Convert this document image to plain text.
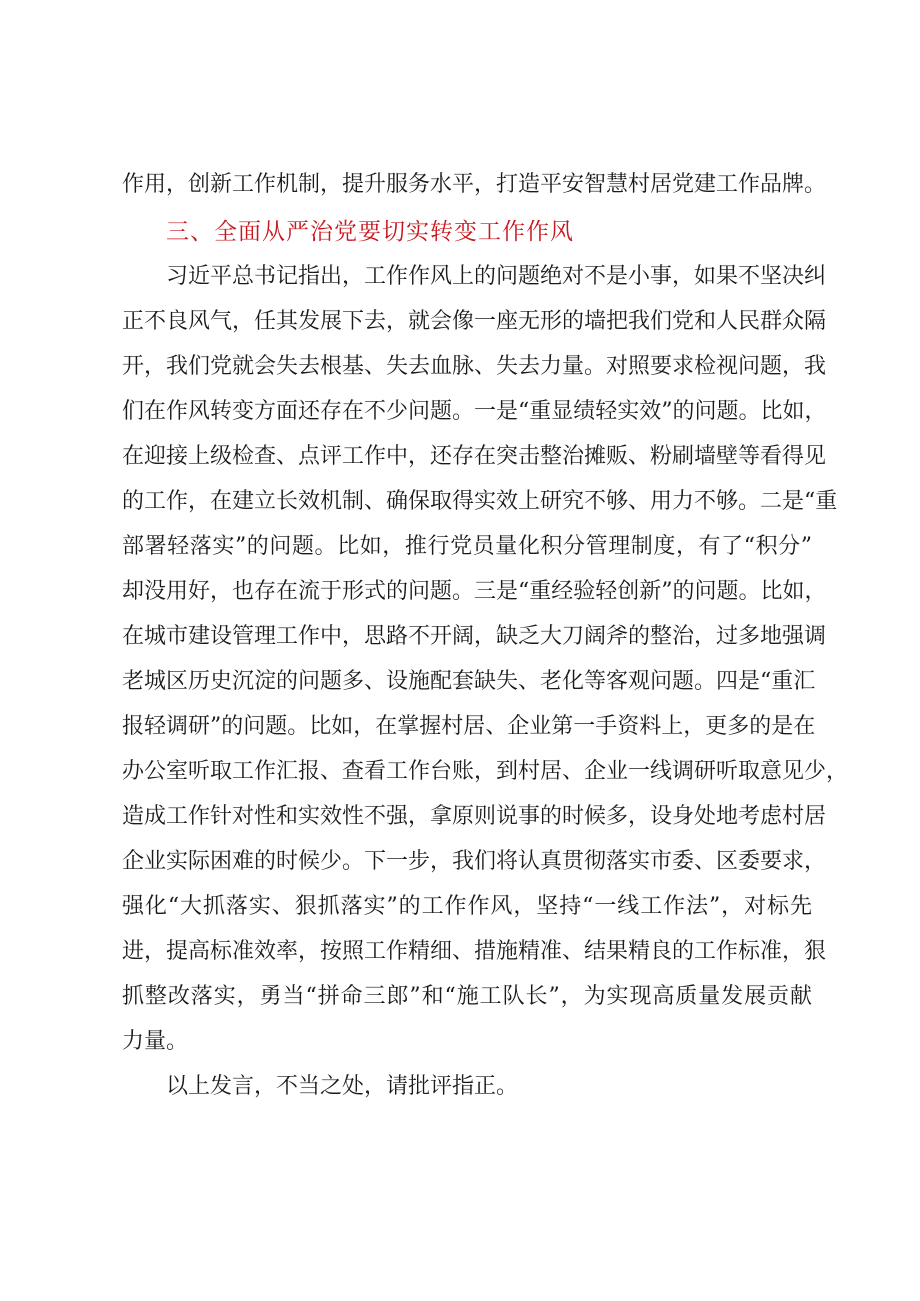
作用，创新工作机制，提升服务水平，打造平安智慧村居党建工作品牌。
三、全面从严治党要切实转变工作作风
习近平总书记指出，工作作风上的问题绝对不是小事，如果不坚决纠
正不良风气，任其发展下去，就会像一座无形的墙把我们党和人民群众隔
开，我们党就会失去根基、失去血脉、失去力量。对照要求检视问题，我
们在作风转变方面还存在不少问题。一是“重显绩轻实效”的问题。比如，
在迎接上级检查、点评工作中，还存在突击整治摊贩、粉刷墙壁等看得见
的工作，在建立长效机制、确保取得实效上研究不够、用力不够。二是“重
部署轻落实”的问题。比如，推行党员量化积分管理制度，有了“积分”
却没用好，也存在流于形式的问题。三是“重经验轻创新”的问题。比如，
在城市建设管理工作中，思路不开阔，缺乏大刀阔斧的整治，过多地强调
老城区历史沉淀的问题多、设施配套缺失、老化等客观问题。四是“重汇
报轻调研”的问题。比如，在掌握村居、企业第一手资料上，更多的是在
办公室听取工作汇报、查看工作台账，到村居、企业一线调研听取意见少，
造成工作针对性和实效性不强，拿原则说事的时候多，设身处地考虑村居
企业实际困难的时候少。下一步，我们将认真贯彻落实市委、区委要求，
强化“大抓落实、狠抓落实”的工作作风，坚持“一线工作法”，对标先
进，提高标准效率，按照工作精细、措施精准、结果精良的工作标准，狠
抓整改落实，勇当“拼命三郎”和“施工队长”，为实现高质量发展贡献
力量。
以上发言，不当之处，请批评指正。
